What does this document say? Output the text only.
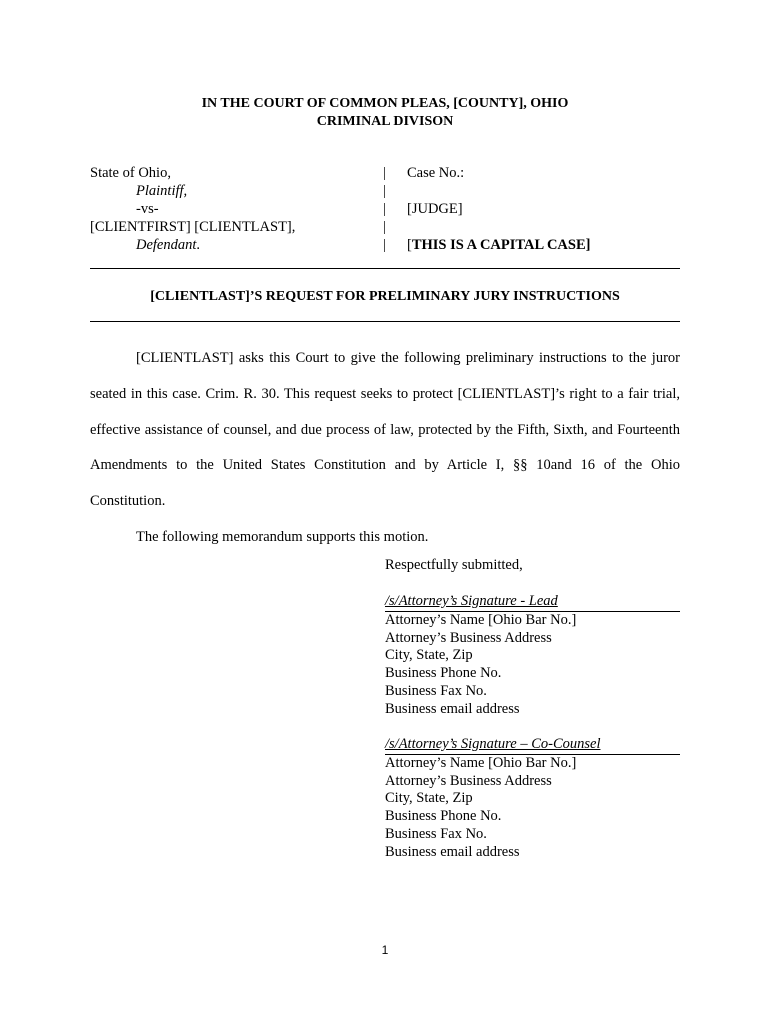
IN THE COURT OF COMMON PLEAS, [COUNTY], OHIO
CRIMINAL DIVISON
State of Ohio,
Plaintiff,
-vs-
[CLIENTFIRST] [CLIENTLAST],
Defendant.
|
|
|
|
|
Case No.:
[JUDGE]
[THIS IS A CAPITAL CASE]
[CLIENTLAST]’S REQUEST FOR PRELIMINARY JURY INSTRUCTIONS

[CLIENTLAST] asks this Court to give the following preliminary instructions to the juror seated in this case. Crim. R. 30. This request seeks to protect [CLIENTLAST]’s right to a fair trial, effective assistance of counsel, and due process of law, protected by the Fifth, Sixth, and Fourteenth Amendments to the United States Constitution and by Article I, §§ 10and 16 of the Ohio Constitution.

The following memorandum supports this motion.

Respectfully submitted,
/s/Attorney’s Signature - Lead
Attorney’s Name [Ohio Bar No.]
Attorney’s Business Address
City, State, Zip
Business Phone No.
Business Fax No.
Business email address
/s/Attorney’s Signature – Co-Counsel
Attorney’s Name [Ohio Bar No.]
Attorney’s Business Address
City, State, Zip
Business Phone No.
Business Fax No.
Business email address
1
